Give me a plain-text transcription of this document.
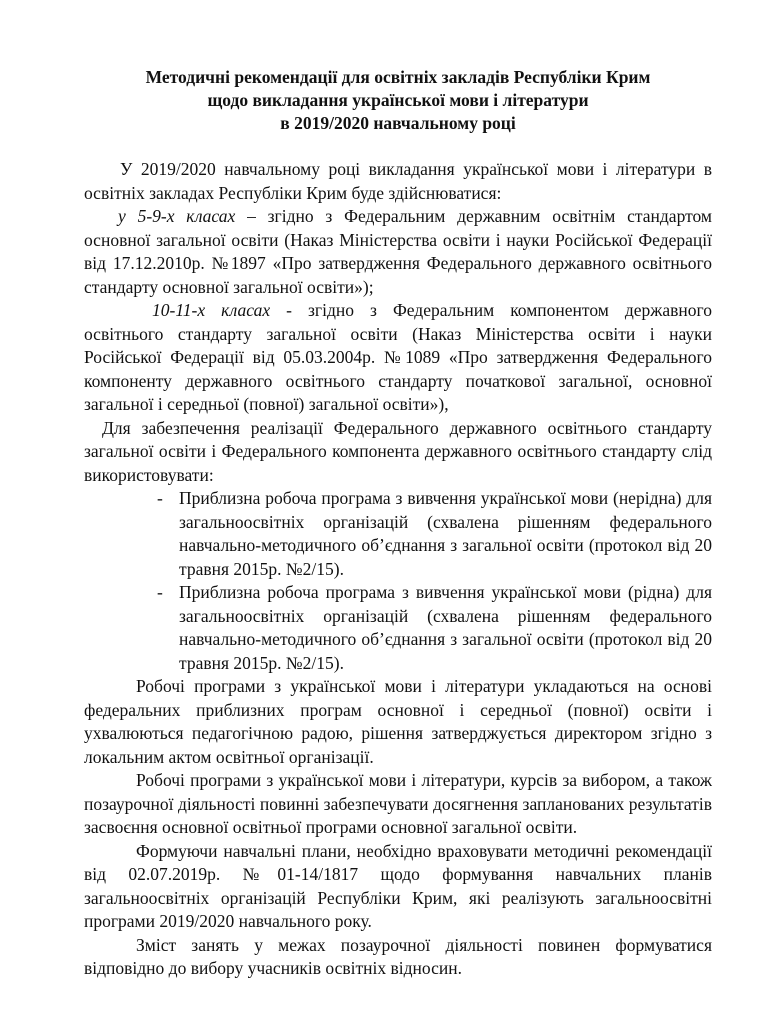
Методичні рекомендації для освітніх закладів Республіки Крим
щодо викладання української мови і літератури
в 2019/2020 навчальному році

У 2019/2020 навчальному році викладання української мови і літератури в освітніх закладах Республіки Крим буде здійснюватися:

у 5-9-х класах – згідно з Федеральним державним освітнім стандартом основної загальної освіти (Наказ Міністерства освіти і науки Російської Федерації від 17.12.2010р. №1897 «Про затвердження Федерального державного освітнього стандарту основної загальної освіти»);

10-11-х класах - згідно з Федеральним компонентом державного освітнього стандарту загальної освіти (Наказ Міністерства освіти і науки Російської Федерації від 05.03.2004р. №1089 «Про затвердження Федерального компоненту державного освітнього стандарту початкової загальної, основної загальної і середньої (повної) загальної освіти»),

Для забезпечення реалізації Федерального державного освітнього стандарту загальної освіти і Федерального компонента державного освітнього стандарту слід використовувати:

- Приблизна робоча програма з вивчення української мови (нерідна) для загальноосвітніх організацій (схвалена рішенням федерального навчально-методичного об’єднання з загальної освіти (протокол від 20 травня 2015р. №2/15).
- Приблизна робоча програма з вивчення української мови (рідна) для загальноосвітніх організацій (схвалена рішенням федерального навчально-методичного об’єднання з загальної освіти (протокол від 20 травня 2015р. №2/15).

Робочі програми з української мови і літератури укладаються на основі федеральних приблизних програм основної і середньої (повної) освіти і ухвалюються педагогічною радою, рішення затверджується директором згідно з локальним актом освітньої організації.

Робочі програми з української мови і літератури, курсів за вибором, а також позаурочної діяльності повинні забезпечувати досягнення запланованих результатів засвоєння основної освітньої програми основної загальної освіти.

Формуючи навчальні плани, необхідно враховувати методичні рекомендації від 02.07.2019р. №01-14/1817 щодо формування навчальних планів загальноосвітніх організацій Республіки Крим, які реалізують загальноосвітні програми 2019/2020 навчального року.

Зміст занять у межах позаурочної діяльності повинен формуватися відповідно до вибору учасників освітніх відносин.
